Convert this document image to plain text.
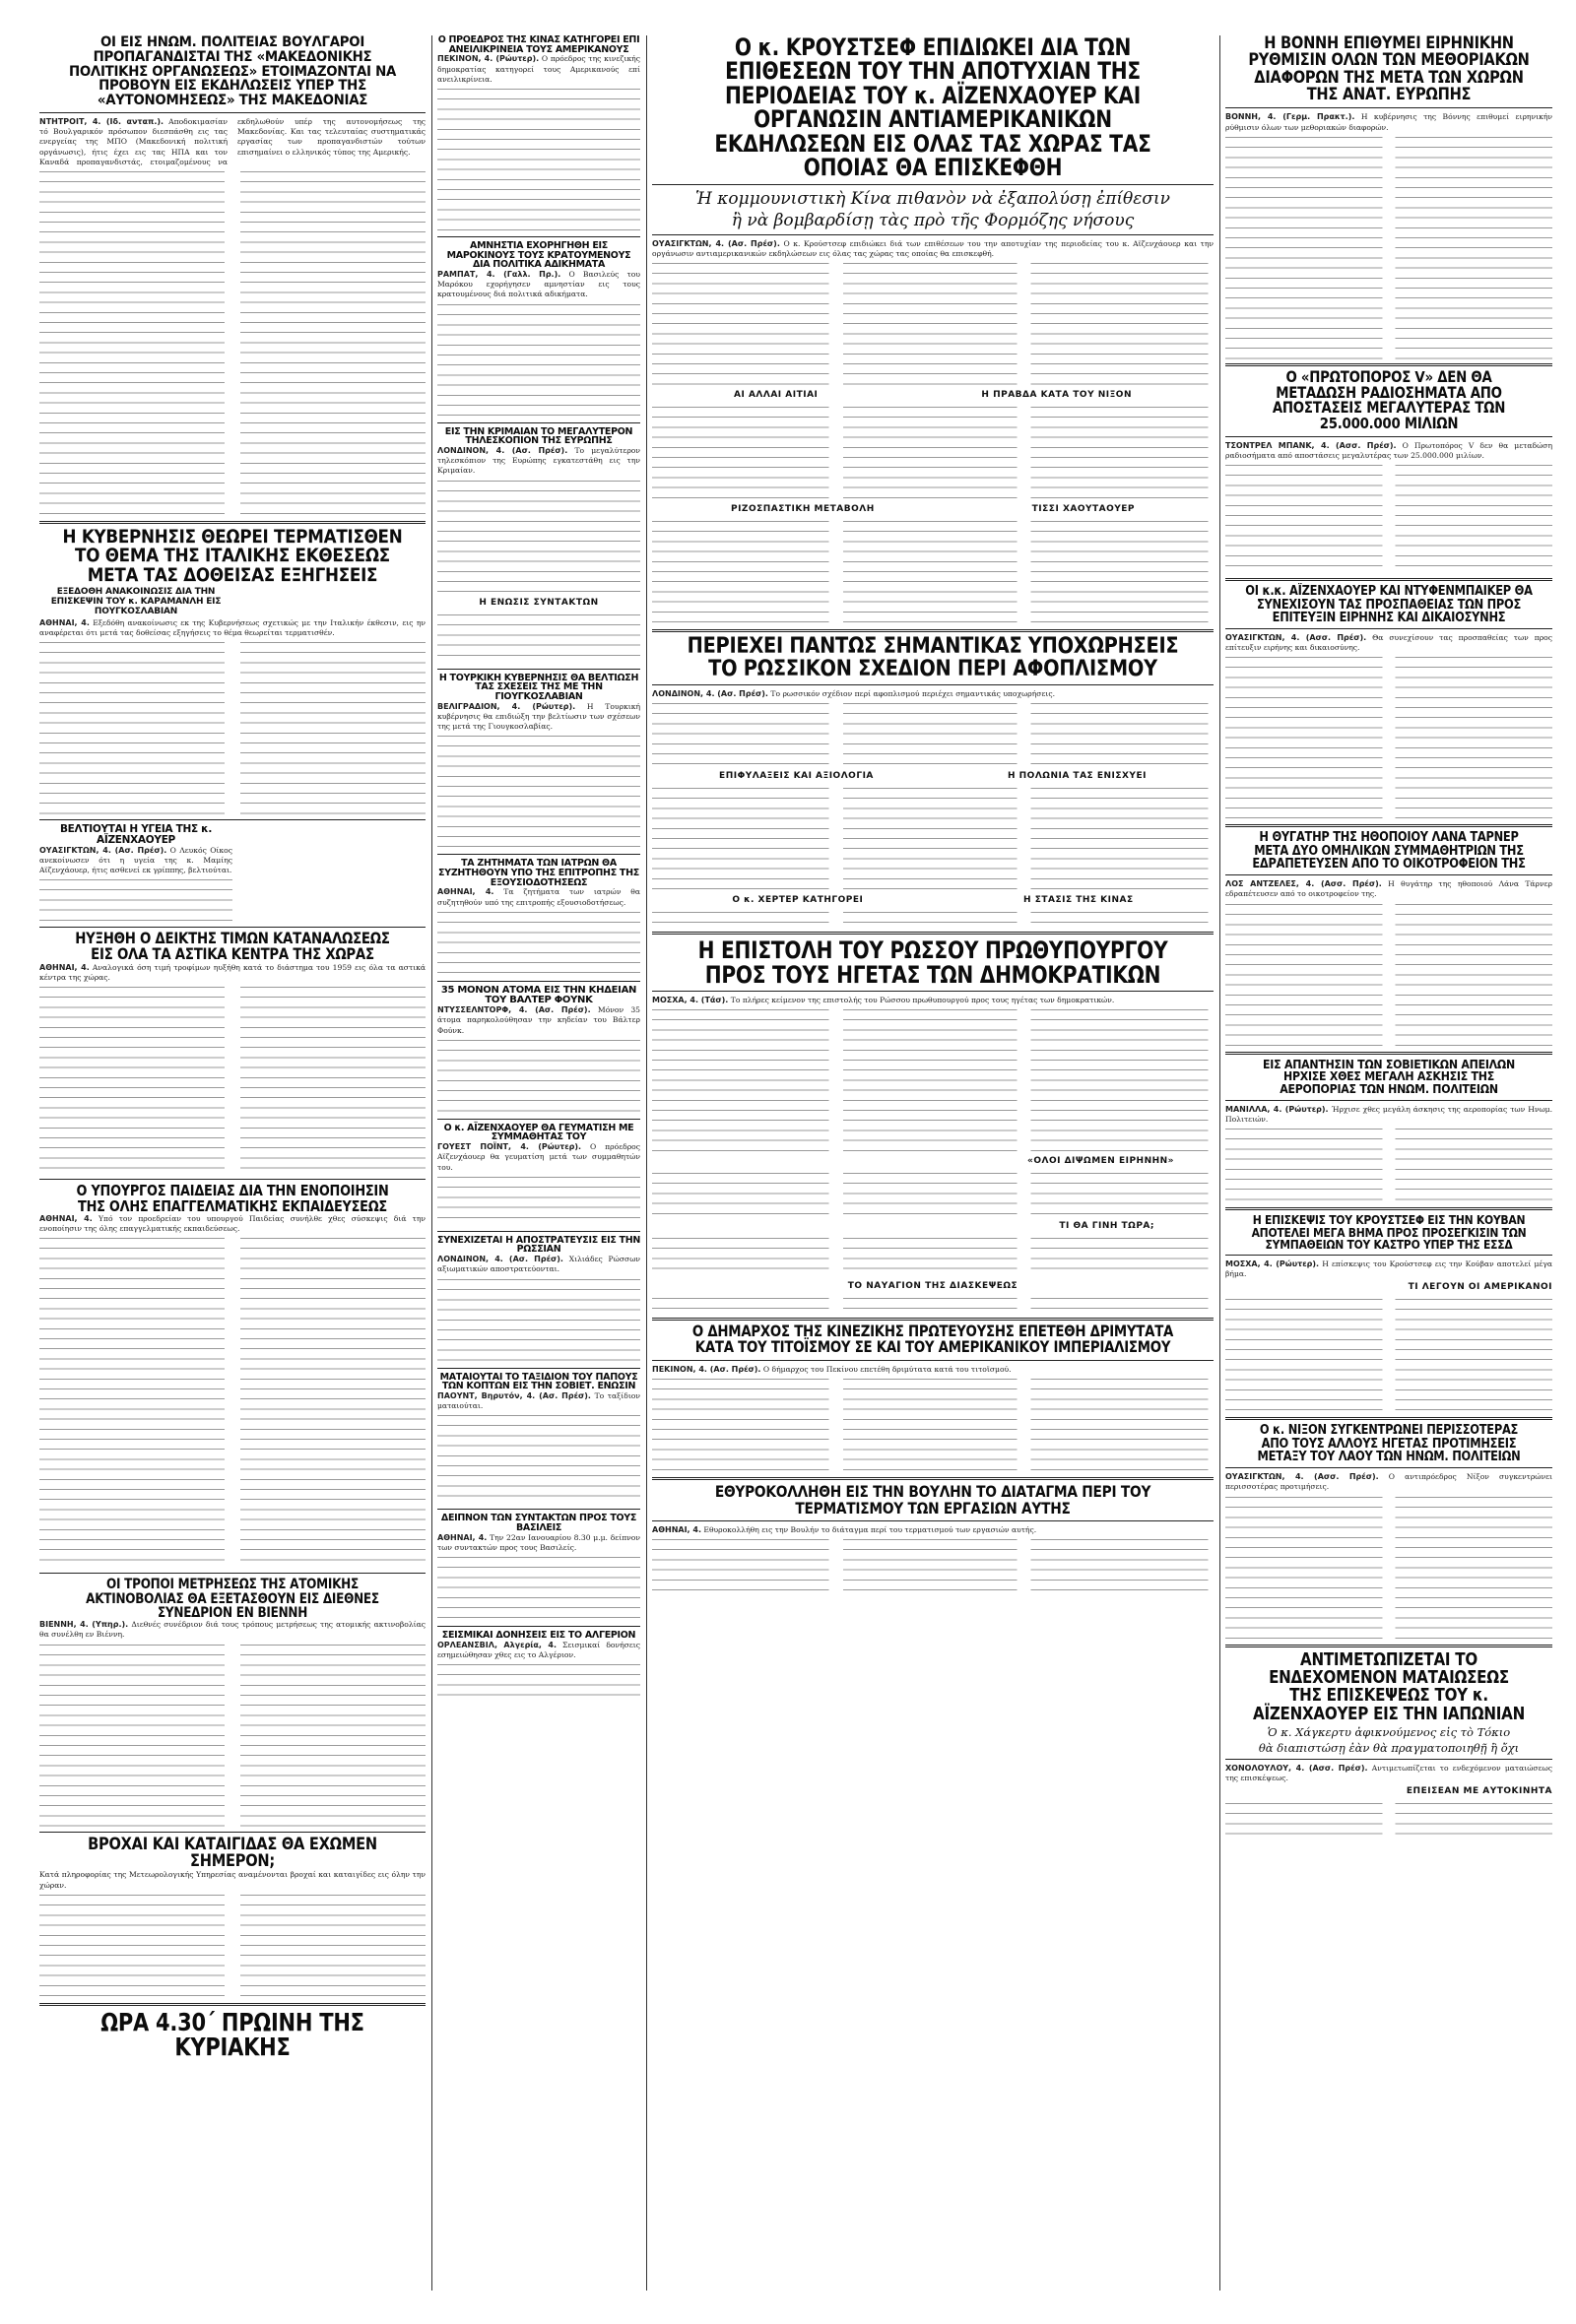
ΟΙ ΕΙΣ ΗΝΩΜ. ΠΟΛΙΤΕΙΑΣ ΒΟΥΛΓΑΡΟΙ ΠΡΟΠΑΓΑΝΔΙΣΤΑΙ ΤΗΣ «ΜΑΚΕΔΟΝΙΚΗΣ ΠΟΛΙΤΙΚΗΣ ΟΡΓΑΝΩΣΕΩΣ» ΕΤΟΙΜΑΖΟΝΤΑΙ ΝΑ ΠΡΟΒΟΥΝ ΕΙΣ ΕΚΔΗΛΩΣΕΙΣ ΥΠΕΡ ΤΗΣ «ΑΥΤΟΝΟΜΗΣΕΩΣ» ΤΗΣ ΜΑΚΕΔΟΝΙΑΣ
ΝΤΗΤΡΟΙΤ, 4. (Ιδ. ανταπ.). Αποδοκιμασίαν τό Βουλγαρικόν πρόσωπον διεσπάσθη εις τας ενεργείας της ΜΠΟ (Μακεδονική πολιτική οργάνωσις), ήτις έχει εις τας ΗΠΑ και τον Καναδά προπαγανδιστάς, ετοιμαζομένους να εκδηλωθούν υπέρ της αυτονομήσεως της Μακεδονίας. Και τας τελευταίας συστηματικάς εργασίας των προπαγανδιστών τούτων επισημαίνει ο ελληνικός τύπος της Αμερικής.
Η ΚΥΒΕΡΝΗΣΙΣ ΘΕΩΡΕΙ ΤΕΡΜΑΤΙΣΘΕΝ ΤΟ ΘΕΜΑ ΤΗΣ ΙΤΑΛΙΚΗΣ ΕΚΘΕΣΕΩΣ ΜΕΤΑ ΤΑΣ ΔΟΘΕΙΣΑΣ ΕΞΗΓΗΣΕΙΣ
ΕΞΕΔΟΘΗ ΑΝΑΚΟΙΝΩΣΙΣ ΔΙΑ ΤΗΝ ΕΠΙΣΚΕΨΙΝ ΤΟΥ κ. ΚΑΡΑΜΑΝΛΗ ΕΙΣ ΠΟΥΓΚΟΣΛΑΒΙΑΝ
ΑΘΗΝΑΙ, 4. Εξεδόθη ανακοίνωσις εκ της Κυβερνήσεως σχετικώς με την Ιταλικήν έκθεσιν, εις ην αναφέρεται ότι μετά τας δοθείσας εξηγήσεις το θέμα θεωρείται τερματισθέν.
ΒΕΛΤΙΟΥΤΑΙ Η ΥΓΕΙΑ ΤΗΣ κ. ΑΪΖΕΝΧΑΟΥΕΡ
ΟΥΑΣΙΓΚΤΩΝ, 4. (Ασ. Πρέσ). Ο Λευκός Οίκος ανεκοίνωσεν ότι η υγεία της κ. Μαμίης Αϊζενχάουερ, ήτις ασθενεί εκ γρίππης, βελτιούται.
ΗΥΞΗΘΗ Ο ΔΕΙΚΤΗΣ ΤΙΜΩΝ ΚΑΤΑΝΑΛΩΣΕΩΣ ΕΙΣ ΟΛΑ ΤΑ ΑΣΤΙΚΑ ΚΕΝΤΡΑ ΤΗΣ ΧΩΡΑΣ
ΑΘΗΝΑΙ, 4. Αναλογικά όση τιμή τροφίμων ηυξήθη κατά το διάστημα του 1959 εις όλα τα αστικά κέντρα της χώρας.
Ο ΥΠΟΥΡΓΟΣ ΠΑΙΔΕΙΑΣ ΔΙΑ ΤΗΝ ΕΝΟΠΟΙΗΣΙΝ ΤΗΣ ΟΛΗΣ ΕΠΑΓΓΕΛΜΑΤΙΚΗΣ ΕΚΠΑΙΔΕΥΣΕΩΣ
ΑΘΗΝΑΙ, 4. Υπό τον προεδρείαν του υπουργού Παιδείας συνήλθε χθες σύσκεψις διά την ενοποίησιν της όλης επαγγελματικής εκπαιδεύσεως.
ΟΙ ΤΡΟΠΟΙ ΜΕΤΡΗΣΕΩΣ ΤΗΣ ΑΤΟΜΙΚΗΣ ΑΚΤΙΝΟΒΟΛΙΑΣ ΘΑ ΕΞΕΤΑΣΘΟΥΝ ΕΙΣ ΔΙΕΘΝΕΣ ΣΥΝΕΔΡΙΟΝ ΕΝ ΒΙΕΝΝΗ
ΒΙΕΝΝΗ, 4. (Υπηρ.). Διεθνές συνέδριον διά τους τρόπους μετρήσεως της ατομικής ακτινοβολίας θα συνέλθη εν Βιέννη.
ΒΡΟΧΑΙ ΚΑΙ ΚΑΤΑΙΓΙΔΑΣ ΘΑ ΕΧΩΜΕΝ ΣΗΜΕΡΟΝ;
Κατά πληροφορίας της Μετεωρολογικής Υπηρεσίας αναμένονται βροχαί και καταιγίδες εις όλην την χώραν.
ΩΡΑ 4.30΄ ΠΡΩΙΝΗ ΤΗΣ ΚΥΡΙΑΚΗΣ
Ο ΠΡΟΕΔΡΟΣ ΤΗΣ ΚΙΝΑΣ ΚΑΤΗΓΟΡΕΙ ΕΠΙ ΑΝΕΙΛΙΚΡΙΝΕΙΑ ΤΟΥΣ ΑΜΕΡΙΚΑΝΟΥΣ
ΠΕΚΙΝΟΝ, 4. (Ρώυτερ). Ο πρόεδρος της κινεζικής δημοκρατίας κατηγορεί τους Αμερικανούς επί ανειλικρίνεια.
ΑΜΝΗΣΤΙΑ ΕΧΟΡΗΓΗΘΗ ΕΙΣ ΜΑΡΟΚΙΝΟΥΣ ΤΟΥΣ ΚΡΑΤΟΥΜΕΝΟΥΣ ΔΙΑ ΠΟΛΙΤΙΚΑ ΑΔΙΚΗΜΑΤΑ
ΡΑΜΠΑΤ, 4. (Γαλλ. Πρ.). Ο Βασιλεύς του Μαρόκου εχορήγησεν αμνηστίαν εις τους κρατουμένους διά πολιτικά αδικήματα.
ΕΙΣ ΤΗΝ ΚΡΙΜΑΙΑΝ ΤΟ ΜΕΓΑΛΥΤΕΡΟΝ ΤΗΛΕΣΚΟΠΙΟΝ ΤΗΣ ΕΥΡΩΠΗΣ
ΛΟΝΔΙΝΟΝ, 4. (Ασ. Πρέσ). Το μεγαλύτερον τηλεσκόπιον της Ευρώπης εγκατεστάθη εις την Κριμαίαν.
Η ΕΝΩΣΙΣ ΣΥΝΤΑΚΤΩΝ
Η ΤΟΥΡΚΙΚΗ ΚΥΒΕΡΝΗΣΙΣ ΘΑ ΒΕΛΤΙΩΣΗ ΤΑΣ ΣΧΕΣΕΙΣ ΤΗΣ ΜΕ ΤΗΝ ΓΙΟΥΓΚΟΣΛΑΒΙΑΝ
ΒΕΛΙΓΡΑΔΙΟΝ, 4. (Ρώυτερ). Η Τουρκική κυβέρνησις θα επιδιώξη την βελτίωσιν των σχέσεων της μετά της Γιουγκοσλαβίας.
ΤΑ ΖΗΤΗΜΑΤΑ ΤΩΝ ΙΑΤΡΩΝ ΘΑ ΣΥΖΗΤΗΘΟΥΝ ΥΠΟ ΤΗΣ ΕΠΙΤΡΟΠΗΣ ΤΗΣ ΕΞΟΥΣΙΟΔΟΤΗΣΕΩΣ
ΑΘΗΝΑΙ, 4. Τα ζητήματα των ιατρών θα συζητηθούν υπό της επιτροπής εξουσιοδοτήσεως.
35 ΜΟΝΟΝ ΑΤΟΜΑ ΕΙΣ ΤΗΝ ΚΗΔΕΙΑΝ ΤΟΥ ΒΑΛΤΕΡ ΦΟΥΝΚ
ΝΤΥΣΣΕΛΝΤΟΡΦ, 4. (Ασ. Πρέσ). Μόνον 35 άτομα παρηκολούθησαν την κηδείαν του Βάλτερ Φούνκ.
Ο κ. ΑΪΖΕΝΧΑΟΥΕΡ ΘΑ ΓΕΥΜΑΤΙΣΗ ΜΕ ΣΥΜΜΑΘΗΤΑΣ ΤΟΥ
ΓΟΥΕΣΤ ΠΟΪΝΤ, 4. (Ρώυτερ). Ο πρόεδρος Αϊζενχάουερ θα γευματίση μετά των συμμαθητών του.
ΣΥΝΕΧΙΖΕΤΑΙ Η ΑΠΟΣΤΡΑΤΕΥΣΙΣ ΕΙΣ ΤΗΝ ΡΩΣΣΙΑΝ
ΛΟΝΔΙΝΟΝ, 4. (Ασ. Πρέσ). Χιλιάδες Ρώσσων αξιωματικών αποστρατεύονται.
ΜΑΤΑΙΟΥΤΑΙ ΤΟ ΤΑΞΙΔΙΟΝ ΤΟΥ ΠΑΠΟΥΣ ΤΩΝ ΚΟΠΤΩΝ ΕΙΣ ΤΗΝ ΣΟΒΙΕΤ. ΕΝΩΣΙΝ
ΠΑΟΥΝΤ, Βηρυτόν, 4. (Ασ. Πρέσ). Το ταξίδιον ματαιούται.
ΔΕΙΠΝΟΝ ΤΩΝ ΣΥΝΤΑΚΤΩΝ ΠΡΟΣ ΤΟΥΣ ΒΑΣΙΛΕΙΣ
ΑΘΗΝΑΙ, 4. Την 22αν Ιανουαρίου 8.30 μ.μ. δείπνον των συντακτών προς τους Βασιλείς.
ΣΕΙΣΜΙΚΑΙ ΔΟΝΗΣΕΙΣ ΕΙΣ ΤΟ ΑΛΓΕΡΙΟΝ
ΟΡΛΕΑΝΣΒΙΛ, Αλγερία, 4. Σεισμικαί δονήσεις εσημειώθησαν χθες εις το Αλγέριον.
Ο κ. ΚΡΟΥΣΤΣΕΦ ΕΠΙΔΙΩΚΕΙ ΔΙΑ ΤΩΝ ΕΠΙΘΕΣΕΩΝ ΤΟΥ ΤΗΝ ΑΠΟΤΥΧΙΑΝ ΤΗΣ ΠΕΡΙΟΔΕΙΑΣ ΤΟΥ κ. ΑΪΖΕΝΧΑΟΥΕΡ ΚΑΙ ΟΡΓΑΝΩΣΙΝ ΑΝΤΙΑΜΕΡΙΚΑΝΙΚΩΝ ΕΚΔΗΛΩΣΕΩΝ ΕΙΣ ΟΛΑΣ ΤΑΣ ΧΩΡΑΣ ΤΑΣ ΟΠΟΙΑΣ ΘΑ ΕΠΙΣΚΕΦΘΗ
Ἡ κομμουνιστικὴ Κίνα πιθανὸν νὰ ἐξαπολύσῃ ἐπίθεσιν
ἢ νὰ βομβαρδίσῃ τὰς πρὸ τῆς Φορμόζης νήσους
ΟΥΑΣΙΓΚΤΩΝ, 4. (Ασ. Πρέσ). Ο κ. Κρούστσεφ επιδιώκει διά των επιθέσεων του την αποτυχίαν της περιοδείας του κ. Αϊζενχάουερ και την οργάνωσιν αντιαμερικανικών εκδηλώσεων εις όλας τας χώρας τας οποίας θα επισκεφθή.
ΑΙ ΑΛΛΑΙ ΑΙΤΙΑΙ	Η ΠΡΑΒΔΑ ΚΑΤΑ ΤΟΥ ΝΙΞΟΝ
ΡΙΖΟΣΠΑΣΤΙΚΗ ΜΕΤΑΒΟΛΗ	ΤΙΣΣΙ ΧΑΟΥΤΑΟΥΕΡ
ΠΕΡΙΕΧΕΙ ΠΑΝΤΩΣ ΣΗΜΑΝΤΙΚΑΣ ΥΠΟΧΩΡΗΣΕΙΣ ΤΟ ΡΩΣΣΙΚΟΝ ΣΧΕΔΙΟΝ ΠΕΡΙ ΑΦΟΠΛΙΣΜΟΥ
ΛΟΝΔΙΝΟΝ, 4. (Ασ. Πρέσ). Το ρωσσικόν σχέδιον περί αφοπλισμού περιέχει σημαντικάς υποχωρήσεις.
ΕΠΙΦΥΛΑΞΕΙΣ ΚΑΙ ΑΞΙΟΛΟΓΙΑ	Η ΠΟΛΩΝΙΑ ΤΑΣ ΕΝΙΣΧΥΕΙ
Ο κ. ΧΕΡΤΕΡ ΚΑΤΗΓΟΡΕΙ	Η ΣΤΑΣΙΣ ΤΗΣ ΚΙΝΑΣ
Η ΕΠΙΣΤΟΛΗ ΤΟΥ ΡΩΣΣΟΥ ΠΡΩΘΥΠΟΥΡΓΟΥ ΠΡΟΣ ΤΟΥΣ ΗΓΕΤΑΣ ΤΩΝ ΔΗΜΟΚΡΑΤΙΚΩΝ
ΜΟΣΧΑ, 4. (Τάσ). Το πλήρες κείμενον της επιστολής του Ρώσσου πρωθυπουργού προς τους ηγέτας των δημοκρατικών.
«ΟΛΟΙ ΔΙΨΩΜΕΝ ΕΙΡΗΝΗΝ»
ΤΙ ΘΑ ΓΙΝΗ ΤΩΡΑ;
ΤΟ ΝΑΥΑΓΙΟΝ ΤΗΣ ΔΙΑΣΚΕΨΕΩΣ
Ο ΔΗΜΑΡΧΟΣ ΤΗΣ ΚΙΝΕΖΙΚΗΣ ΠΡΩΤΕΥΟΥΣΗΣ ΕΠΕΤΕΘΗ ΔΡΙΜΥΤΑΤΑ ΚΑΤΑ ΤΟΥ ΤΙΤΟΪΣΜΟΥ ΣΕ ΚΑΙ ΤΟΥ ΑΜΕΡΙΚΑΝΙΚΟΥ ΙΜΠΕΡΙΑΛΙΣΜΟΥ
ΠΕΚΙΝΟΝ, 4. (Ασ. Πρέσ). Ο δήμαρχος του Πεκίνου επετέθη δριμύτατα κατά του τιτοϊσμού.
ΕΘΥΡΟΚΟΛΛΗΘΗ ΕΙΣ ΤΗΝ ΒΟΥΛΗΝ ΤΟ ΔΙΑΤΑΓΜΑ ΠΕΡΙ ΤΟΥ ΤΕΡΜΑΤΙΣΜΟΥ ΤΩΝ ΕΡΓΑΣΙΩΝ ΑΥΤΗΣ
ΑΘΗΝΑΙ, 4. Εθυροκολλήθη εις την Βουλήν το διάταγμα περί του τερματισμού των εργασιών αυτής.
Η ΒΟΝΝΗ ΕΠΙΘΥΜΕΙ ΕΙΡΗΝΙΚΗΝ ΡΥΘΜΙΣΙΝ ΟΛΩΝ ΤΩΝ ΜΕΘΟΡΙΑΚΩΝ ΔΙΑΦΟΡΩΝ ΤΗΣ ΜΕΤΑ ΤΩΝ ΧΩΡΩΝ ΤΗΣ ΑΝΑΤ. ΕΥΡΩΠΗΣ
ΒΟΝΝΗ, 4. (Γερμ. Πρακτ.). Η κυβέρνησις της Βόννης επιθυμεί ειρηνικήν ρύθμισιν όλων των μεθοριακών διαφορών.
Ο «ΠΡΩΤΟΠΟΡΟΣ V» ΔΕΝ ΘΑ ΜΕΤΑΔΩΣΗ ΡΑΔΙΟΣΗΜΑΤΑ ΑΠΟ ΑΠΟΣΤΑΣΕΙΣ ΜΕΓΑΛΥΤΕΡΑΣ ΤΩΝ 25.000.000 ΜΙΛΙΩΝ
ΤΣΟΝΤΡΕΛ ΜΠΑΝΚ, 4. (Ασσ. Πρέσ). Ο Πρωτοπόρος V δεν θα μεταδώση ραδιοσήματα από αποστάσεις μεγαλυτέρας των 25.000.000 μιλίων.
ΟΙ κ.κ. ΑΪΖΕΝΧΑΟΥΕΡ ΚΑΙ ΝΤΥΦΕΝΜΠΑΙΚΕΡ ΘΑ ΣΥΝΕΧΙΣΟΥΝ ΤΑΣ ΠΡΟΣΠΑΘΕΙΑΣ ΤΩΝ ΠΡΟΣ ΕΠΙΤΕΥΞΙΝ ΕΙΡΗΝΗΣ ΚΑΙ ΔΙΚΑΙΟΣΥΝΗΣ
ΟΥΑΣΙΓΚΤΩΝ, 4. (Ασσ. Πρέσ). Θα συνεχίσουν τας προσπαθείας των προς επίτευξιν ειρήνης και δικαιοσύνης.
Η ΘΥΓΑΤΗΡ ΤΗΣ ΗΘΟΠΟΙΟΥ ΛΑΝΑ ΤΑΡΝΕΡ ΜΕΤΑ ΔΥΟ ΟΜΗΛΙΚΩΝ ΣΥΜΜΑΘΗΤΡΙΩΝ ΤΗΣ ΕΔΡΑΠΕΤΕΥΣΕΝ ΑΠΟ ΤΟ ΟΙΚΟΤΡΟΦΕΙΟΝ ΤΗΣ
ΛΟΣ ΑΝΤΖΕΛΕΣ, 4. (Ασσ. Πρέσ). Η θυγάτηρ της ηθοποιού Λάνα Τάρνερ εδραπέτευσεν από το οικοτροφείον της.
ΕΙΣ ΑΠΑΝΤΗΣΙΝ ΤΩΝ ΣΟΒΙΕΤΙΚΩΝ ΑΠΕΙΛΩΝ ΗΡΧΙΣΕ ΧΘΕΣ ΜΕΓΑΛΗ ΑΣΚΗΣΙΣ ΤΗΣ ΑΕΡΟΠΟΡΙΑΣ ΤΩΝ ΗΝΩΜ. ΠΟΛΙΤΕΙΩΝ
ΜΑΝΙΛΛΑ, 4. (Ρώυτερ). Ήρχισε χθες μεγάλη άσκησις της αεροπορίας των Ηνωμ. Πολιτειών.
Η ΕΠΙΣΚΕΨΙΣ ΤΟΥ ΚΡΟΥΣΤΣΕΦ ΕΙΣ ΤΗΝ ΚΟΥΒΑΝ ΑΠΟΤΕΛΕΙ ΜΕΓΑ ΒΗΜΑ ΠΡΟΣ ΠΡΟΣΕΓΚΙΣΙΝ ΤΩΝ ΣΥΜΠΑΘΕΙΩΝ ΤΟΥ ΚΑΣΤΡΟ ΥΠΕΡ ΤΗΣ ΕΣΣΔ
ΜΟΣΧΑ, 4. (Ρώυτερ). Η επίσκεψις του Κρούστσεφ εις την Κούβαν αποτελεί μέγα βήμα.
ΤΙ ΛΕΓΟΥΝ ΟΙ ΑΜΕΡΙΚΑΝΟΙ
Ο κ. ΝΙΞΟΝ ΣΥΓΚΕΝΤΡΩΝΕΙ ΠΕΡΙΣΣΟΤΕΡΑΣ ΑΠΟ ΤΟΥΣ ΑΛΛΟΥΣ ΗΓΕΤΑΣ ΠΡΟΤΙΜΗΣΕΙΣ ΜΕΤΑΞΥ ΤΟΥ ΛΑΟΥ ΤΩΝ ΗΝΩΜ. ΠΟΛΙΤΕΙΩΝ
ΟΥΑΣΙΓΚΤΩΝ, 4. (Ασσ. Πρέσ). Ο αντιπρόεδρος Νίξον συγκεντρώνει περισσοτέρας προτιμήσεις.
ΑΝΤΙΜΕΤΩΠΙΖΕΤΑΙ ΤΟ ΕΝΔΕΧΟΜΕΝΟΝ ΜΑΤΑΙΩΣΕΩΣ ΤΗΣ ΕΠΙΣΚΕΨΕΩΣ ΤΟΥ κ. ΑΪΖΕΝΧΑΟΥΕΡ ΕΙΣ ΤΗΝ ΙΑΠΩΝΙΑΝ
Ὁ κ. Χάγκερτυ ἀφικνούμενος εἰς τὸ Τόκιο
θὰ διαπιστώσῃ ἐὰν θὰ πραγματοποιηθῇ ἢ ὄχι
ΧΟΝΟΛΟΥΛΟΥ, 4. (Ασσ. Πρέσ). Αντιμετωπίζεται το ενδεχόμενον ματαιώσεως της επισκέψεως.
ΕΠΕΙΣΕΑΝ ΜΕ ΑΥΤΟΚΙΝΗΤΑ
